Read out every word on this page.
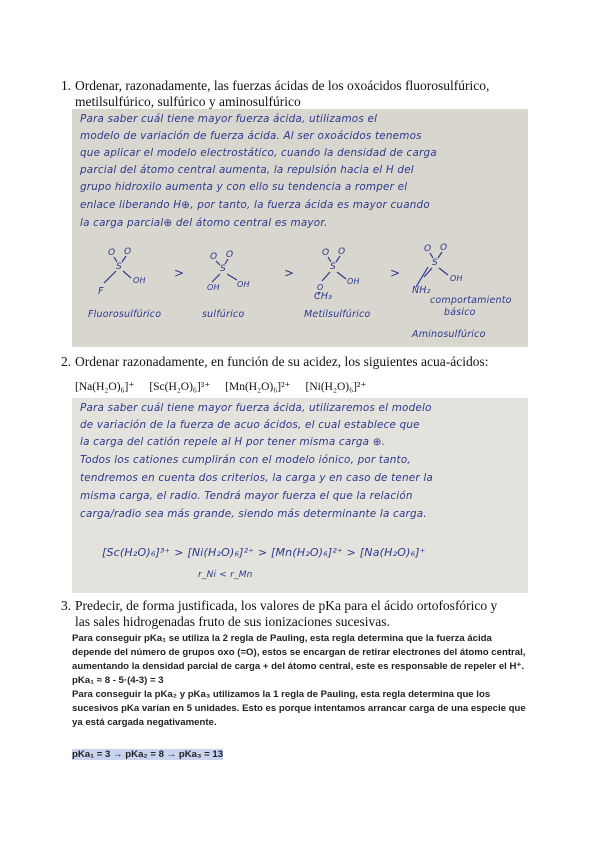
1. Ordenar, razonadamente, las fuerzas ácidas de los oxoácidos fluorosulfúrico,
metilsulfúrico, sulfúrico y aminosulfúrico
Para saber cuál tiene mayor fuerza ácida, utilizamos el
modelo de variación de fuerza ácida. Al ser oxoácidos tenemos
que aplicar el modelo electrostático, cuando la densidad de carga
parcial del átomo central aumenta, la repulsión hacia el H del
grupo hidroxilo aumenta y con ello su tendencia a romper el
enlace liberando H⊕, por tanto, la fuerza ácida es mayor cuando
la carga parcial⊕ del átomo central es mayor.
O O
S
OH
F
Fluorosulfúrico
>
O O
S
OH OH
sulfúrico
>
O O
S
O
OH
CH₃
Metilsulfúrico
>
O O
S
OH
NH₂
comportamiento
básico
Aminosulfúrico
2. Ordenar razonadamente, en función de su acidez, los siguientes acua-ácidos:
[Na(H₂O)₆]⁺ [Sc(H₂O)₆]³⁺ [Mn(H₂O)₆]²⁺ [Ni(H₂O)₆]²⁺
Para saber cuál tiene mayor fuerza ácida, utilizaremos el modelo
de variación de la fuerza de acuo ácidos, el cual establece que
la carga del catión repele al H por tener misma carga ⊕.
Todos los cationes cumplirán con el modelo iónico, por tanto,
tendremos en cuenta dos criterios, la carga y en caso de tener la
misma carga, el radio. Tendrá mayor fuerza el que la relación
carga/radio sea más grande, siendo más determinante la carga.
[Sc(H₂O)₆]³⁺ > [Ni(H₂O)₆]²⁺ > [Mn(H₂O)₆]²⁺ > [Na(H₂O)₆]⁺
r_Ni < r_Mn
3. Predecir, de forma justificada, los valores de pKa para el ácido ortofosfórico y
las sales hidrogenadas fruto de sus ionizaciones sucesivas.
Para conseguir pKa₁ se utiliza la 2 regla de Pauling, esta regla determina que la fuerza ácida
depende del número de grupos oxo (=O), estos se encargan de retirar electrones del átomo central,
aumentando la densidad parcial de carga + del átomo central, este es responsable de repeler el H⁺.
pKa₁ ≈ 8 - 5·(4-3) = 3
Para conseguir la pKa₂ y pKa₃ utilizamos la 1 regla de Pauling, esta regla determina que los
sucesivos pKa varían en 5 unidades. Esto es porque intentamos arrancar carga de una especie que
ya está cargada negativamente.
pKa₁ = 3 → pKa₂ = 8 → pKa₃ = 13
